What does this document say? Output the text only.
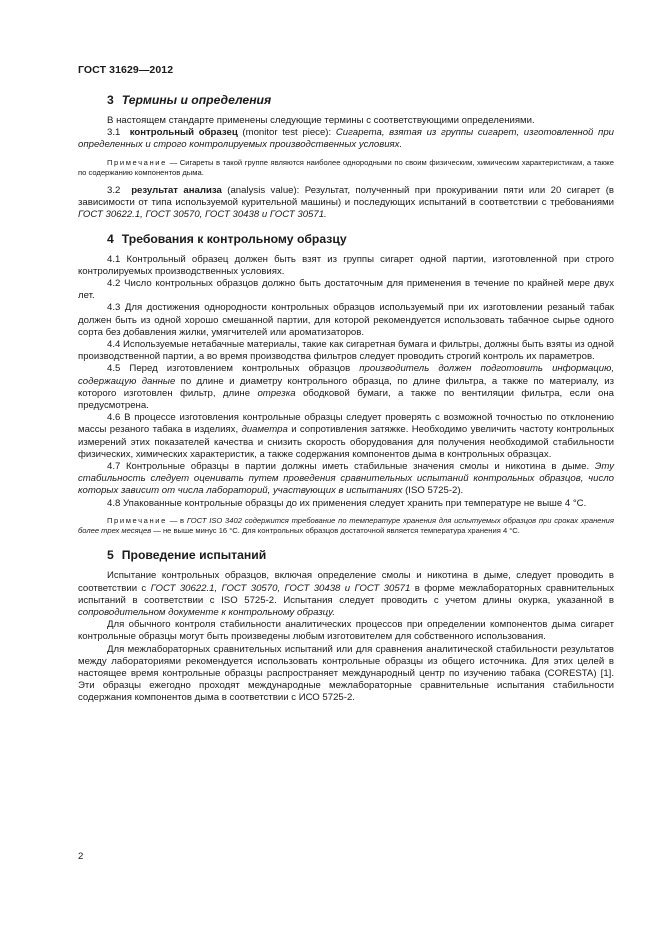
ГОСТ 31629—2012
3 Термины и определения

В настоящем стандарте применены следующие термины с соответствующими определениями.

3.1 контрольный образец (monitor test piece): Сигарета, взятая из группы сигарет, изготовленной при определенных и строго контролируемых производственных условиях.

Примечание — Сигареты в такой группе являются наиболее однородными по своим физическим, химическим характеристикам, а также по содержанию компонентов дыма.

3.2 результат анализа (analysis value): Результат, полученный при прокуривании пяти или 20 сигарет (в зависимости от типа используемой курительной машины) и последующих испытаний в соответствии с требованиями ГОСТ 30622.1, ГОСТ 30570, ГОСТ 30438 и ГОСТ 30571.

4 Требования к контрольному образцу

4.1 Контрольный образец должен быть взят из группы сигарет одной партии, изготовленной при строго контролируемых производственных условиях.

4.2 Число контрольных образцов должно быть достаточным для применения в течение по крайней мере двух лет.

4.3 Для достижения однородности контрольных образцов используемый при их изготовлении резаный табак должен быть из одной хорошо смешанной партии, для которой рекомендуется использовать табачное сырье одного сорта без добавления жилки, умягчителей или ароматизаторов.

4.4 Используемые нетабачные материалы, такие как сигаретная бумага и фильтры, должны быть взяты из одной производственной партии, а во время производства фильтров следует проводить строгий контроль их параметров.

4.5 Перед изготовлением контрольных образцов производитель должен подготовить информацию, содержащую данные по длине и диаметру контрольного образца, по длине фильтра, а также по материалу, из которого изготовлен фильтр, длине отрезка ободковой бумаги, а также по вентиляции фильтра, если она предусмотрена.

4.6 В процессе изготовления контрольные образцы следует проверять с возможной точностью по отклонению массы резаного табака в изделиях, диаметра и сопротивления затяжке. Необходимо увеличить частоту контрольных измерений этих показателей качества и снизить скорость оборудования для получения необходимой стабильности физических, химических характеристик, а также содержания компонентов дыма в контрольных образцах.

4.7 Контрольные образцы в партии должны иметь стабильные значения смолы и никотина в дыме. Эту стабильность следует оценивать путем проведения сравнительных испытаний контрольных образцов, число которых зависит от числа лабораторий, участвующих в испытаниях (ISO 5725-2).

4.8 Упакованные контрольные образцы до их применения следует хранить при температуре не выше 4 °С.

Примечание — в ГОСТ ISO 3402 содержится требование по температуре хранения для испытуемых образцов при сроках хранения более трех месяцев — не выше минус 16 °С. Для контрольных образцов достаточной является температура хранения 4 °С.

5 Проведение испытаний

Испытание контрольных образцов, включая определение смолы и никотина в дыме, следует проводить в соответствии с ГОСТ 30622.1, ГОСТ 30570, ГОСТ 30438 и ГОСТ 30571 в форме межлабораторных сравнительных испытаний в соответствии с ISO 5725-2. Испытания следует проводить с учетом длины окурка, указанной в сопроводительном документе к контрольному образцу.

Для обычного контроля стабильности аналитических процессов при определении компонентов дыма сигарет контрольные образцы могут быть произведены любым изготовителем для собственного использования.

Для межлабораторных сравнительных испытаний или для сравнения аналитической стабильности результатов между лабораториями рекомендуется использовать контрольные образцы из общего источника. Для этих целей в настоящее время контрольные образцы распространяет международный центр по изучению табака (CORESTA) [1]. Эти образцы ежегодно проходят международные межлабораторные сравнительные испытания стабильности содержания компонентов дыма в соответствии с ИСО 5725-2.

2
